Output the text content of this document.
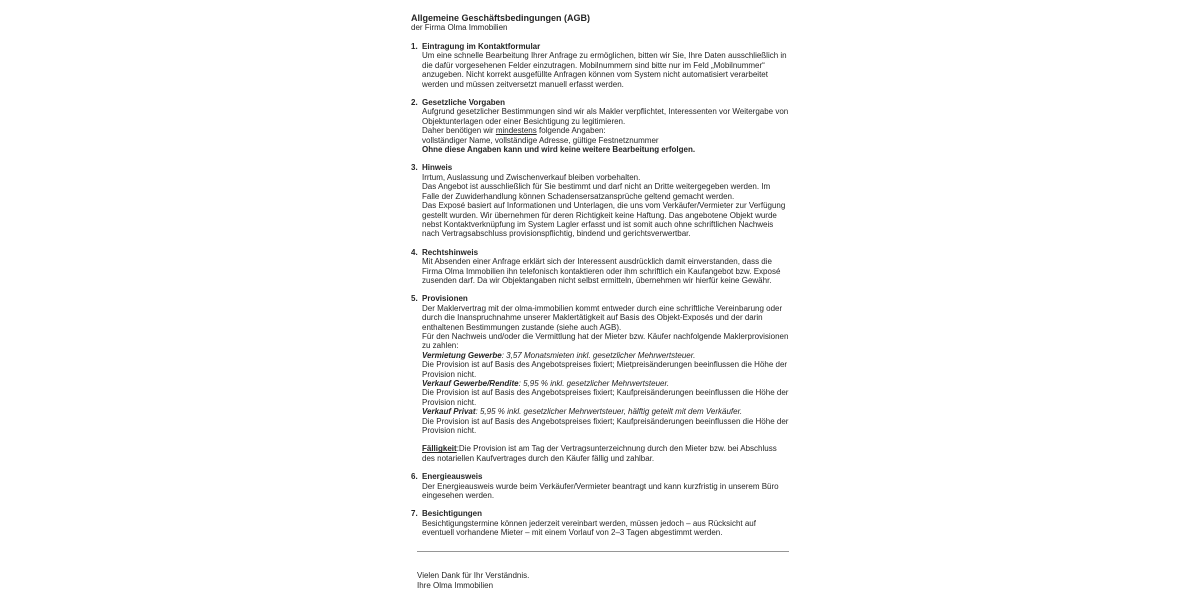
Allgemeine Geschäftsbedingungen (AGB)
der Firma Olma Immobilien
1. Eintragung im Kontaktformular

Um eine schnelle Bearbeitung Ihrer Anfrage zu ermöglichen, bitten wir Sie, Ihre Daten ausschließlich in die dafür vorgesehenen Felder einzutragen. Mobilnummern sind bitte nur im Feld „Mobilnummer“ anzugeben. Nicht korrekt ausgefüllte Anfragen können vom System nicht automatisiert verarbeitet werden und müssen zeitversetzt manuell erfasst werden.

2. Gesetzliche Vorgaben

Aufgrund gesetzlicher Bestimmungen sind wir als Makler verpflichtet, Interessenten vor Weitergabe von Objektunterlagen oder einer Besichtigung zu legitimieren.

Daher benötigen wir mindestens folgende Angaben:

vollständiger Name, vollständige Adresse, gültige Festnetznummer

Ohne diese Angaben kann und wird keine weitere Bearbeitung erfolgen.

3. Hinweis

Irrtum, Auslassung und Zwischenverkauf bleiben vorbehalten.

Das Angebot ist ausschließlich für Sie bestimmt und darf nicht an Dritte weitergegeben werden. Im Falle der Zuwiderhandlung können Schadensersatzansprüche geltend gemacht werden.

Das Exposé basiert auf Informationen und Unterlagen, die uns vom Verkäufer/Vermieter zur Verfügung gestellt wurden. Wir übernehmen für deren Richtigkeit keine Haftung. Das angebotene Objekt wurde nebst Kontaktverknüpfung im System Lagler erfasst und ist somit auch ohne schriftlichen Nachweis nach Vertragsabschluss provisionspflichtig, bindend und gerichtsverwertbar.

4. Rechtshinweis

Mit Absenden einer Anfrage erklärt sich der Interessent ausdrücklich damit einverstanden, dass die Firma Olma Immobilien ihn telefonisch kontaktieren oder ihm schriftlich ein Kaufangebot bzw. Exposé zusenden darf. Da wir Objektangaben nicht selbst ermitteln, übernehmen wir hierfür keine Gewähr.

5. Provisionen

Der Maklervertrag mit der olma-immobilien kommt entweder durch eine schriftliche Vereinbarung oder durch die Inanspruchnahme unserer Maklertätigkeit auf Basis des Objekt-Exposés und der darin enthaltenen Bestimmungen zustande (siehe auch AGB).

Für den Nachweis und/oder die Vermittlung hat der Mieter bzw. Käufer nachfolgende Maklerprovisionen zu zahlen:

Vermietung Gewerbe: 3,57 Monatsmieten inkl. gesetzlicher Mehrwertsteuer.

Die Provision ist auf Basis des Angebotspreises fixiert; Mietpreisänderungen beeinflussen die Höhe der Provision nicht.

Verkauf Gewerbe/Rendite: 5,95 % inkl. gesetzlicher Mehrwertsteuer.

Die Provision ist auf Basis des Angebotspreises fixiert; Kaufpreisänderungen beeinflussen die Höhe der Provision nicht.

Verkauf Privat: 5,95 % inkl. gesetzlicher Mehrwertsteuer, hälftig geteilt mit dem Verkäufer.

Die Provision ist auf Basis des Angebotspreises fixiert; Kaufpreisänderungen beeinflussen die Höhe der Provision nicht.

Fälligkeit:Die Provision ist am Tag der Vertragsunterzeichnung durch den Mieter bzw. bei Abschluss des notariellen Kaufvertrages durch den Käufer fällig und zahlbar.

6. Energieausweis

Der Energieausweis wurde beim Verkäufer/Vermieter beantragt und kann kurzfristig in unserem Büro eingesehen werden.

7. Besichtigungen

Besichtigungstermine können jederzeit vereinbart werden, müssen jedoch – aus Rücksicht auf eventuell vorhandene Mieter – mit einem Vorlauf von 2–3 Tagen abgestimmt werden.

Vielen Dank für Ihr Verständnis.
Ihre Olma Immobilien
